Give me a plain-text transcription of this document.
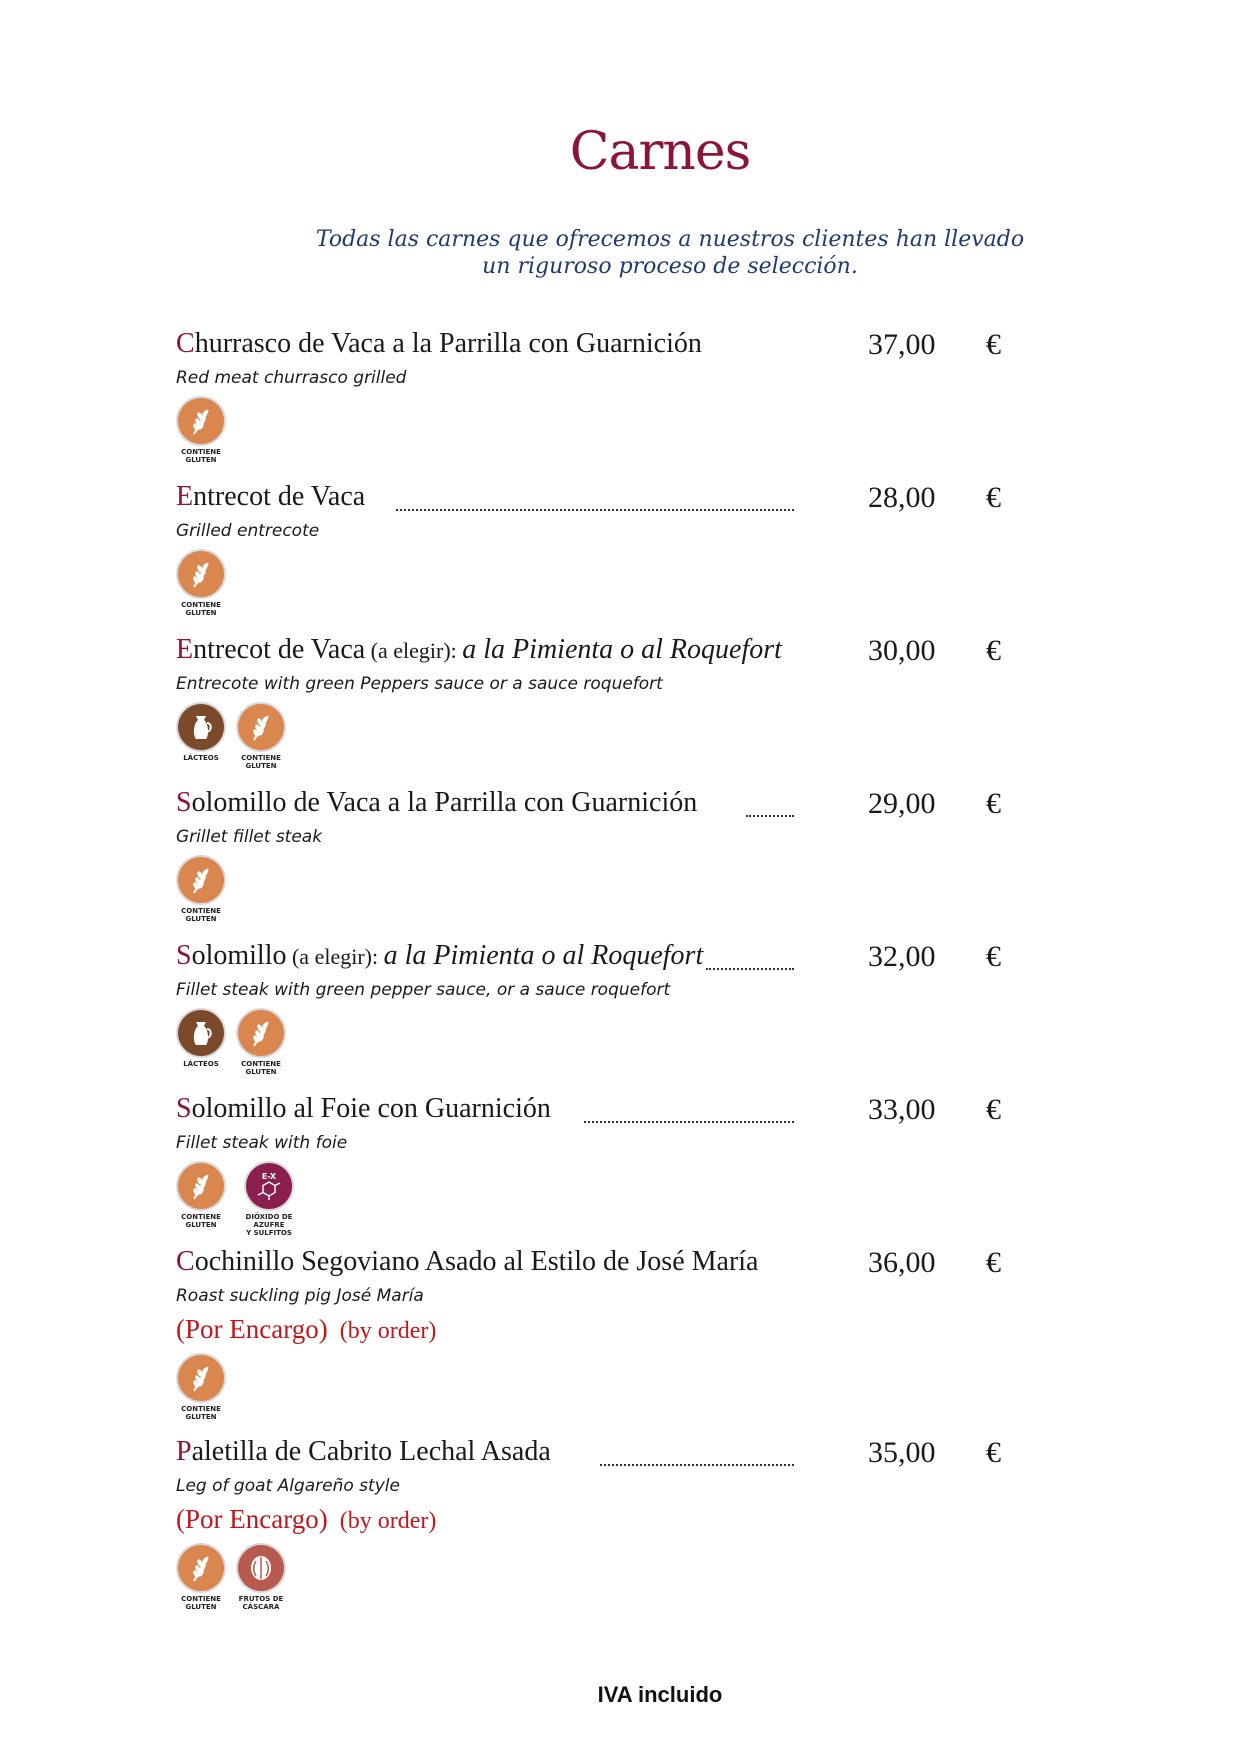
Carnes
Todas las carnes que ofrecemos a nuestros clientes han llevado
un riguroso proceso de selección.
Churrasco de Vaca a la Parrilla con Guarnición	37,00 €
Red meat churrasco grilled
CONTIENE
GLUTEN
Entrecot de Vaca	28,00 €
Grilled entrecote
CONTIENE
GLUTEN
Entrecot de Vaca (a elegir): a la Pimienta o al Roquefort	30,00 €
Entrecote with green Peppers sauce or a sauce roquefort
LÁCTEOS	CONTIENE
GLUTEN
Solomillo de Vaca a la Parrilla con Guarnición	29,00 €
Grillet fillet steak
CONTIENE
GLUTEN
Solomillo (a elegir): a la Pimienta o al Roquefort	32,00 €
Fillet steak with green pepper sauce, or a sauce roquefort
LÁCTEOS	CONTIENE
GLUTEN
Solomillo al Foie con Guarnición	33,00 €
Fillet steak with foie
CONTIENE
GLUTEN
E-X
DIÓXIDO DE AZUFRE
Y SULFITOS
Cochinillo Segoviano Asado al Estilo de José María	36,00 €
Roast suckling pig José María
(Por Encargo) (by order)
CONTIENE
GLUTEN
Paletilla de Cabrito Lechal Asada	35,00 €
Leg of goat Algareño style
(Por Encargo) (by order)
CONTIENE
GLUTEN
FRUTOS DE
CÁSCARA
IVA incluido
